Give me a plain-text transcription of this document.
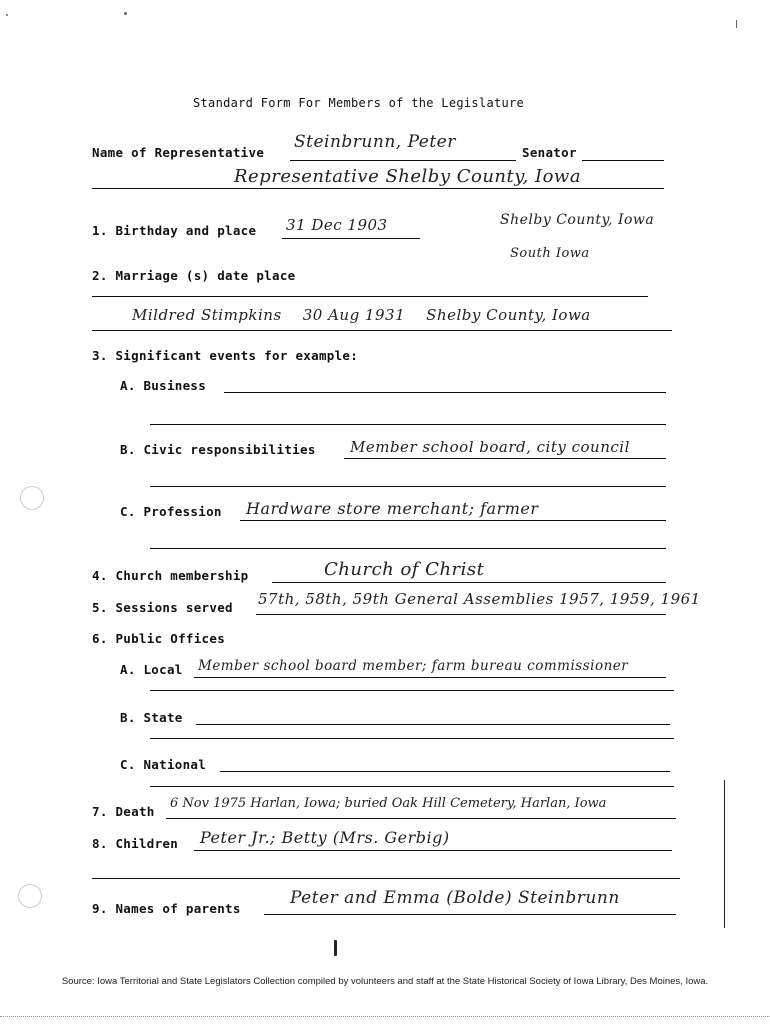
Standard Form For Members of the Legislature
Name of Representative
Steinbrunn, Peter
Senator
Representative Shelby County, Iowa
1. Birthday and place 31 Dec 1903	Shelby County, Iowa
South Iowa
2. Marriage (s) date place
Mildred Stimpkins    30 Aug 1931    Shelby County, Iowa
3. Significant events for example:
A. Business
B. Civic responsibilities Member school board, city council
C. Profession Hardware store merchant; farmer
4. Church membership	Church of Christ
5. Sessions served 57th, 58th, 59th General Assemblies 1957, 1959, 1961
6. Public Offices
A. Local Member school board member; farm bureau commissioner
B. State
C. National
7. Death
6 Nov 1975 Harlan, Iowa; buried Oak Hill Cemetery, Harlan, Iowa
8. Children Peter Jr.; Betty (Mrs. Gerbig)
9. Names of parents
Peter and Emma (Bolde) Steinbrunn
Source: Iowa Territorial and State Legislators Collection compiled by volunteers and staff at the State Historical Society of Iowa Library, Des Moines, Iowa.
